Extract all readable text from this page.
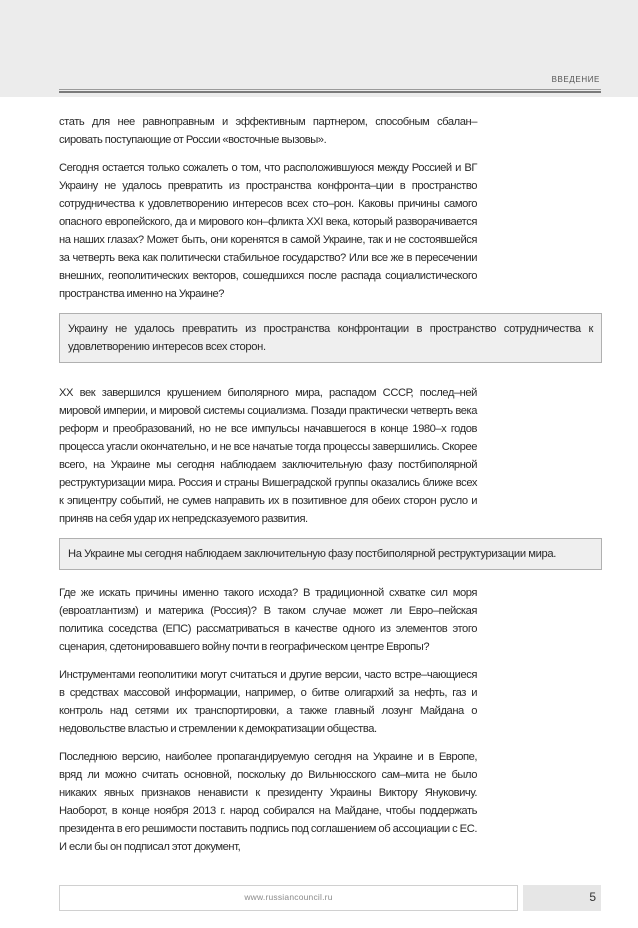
ВВЕДЕНИЕ

стать для нее равноправным и эффективным партнером, способным сбалан–сировать поступающие от России «восточные вызовы».

Сегодня остается только сожалеть о том, что расположившуюся между Россией и ВГ Украину не удалось превратить из пространства конфронта–ции в пространство сотрудничества к удовлетворению интересов всех сто–рон. Каковы причины самого опасного европейского, да и мирового кон–фликта XXI века, который разворачивается на наших глазах? Может быть, они коренятся в самой Украине, так и не состоявшейся за четверть века как политически стабильное государство? Или все же в пересечении внешних, геополитических векторов, сошедшихся после распада социалистического пространства именно на Украине?

Украину не удалось превратить из пространства конфронтации в пространство сотрудничества к удовлетворению интересов всех сторон.

XX век завершился крушением биполярного мира, распадом СССР, послед–ней мировой империи, и мировой системы социализма. Позади практически четверть века реформ и преобразований, но не все импульсы начавшегося в конце 1980–х годов процесса угасли окончательно, и не все начатые тогда процессы завершились. Скорее всего, на Украине мы сегодня наблюдаем заключительную фазу постбиполярной реструктуризации мира. Россия и страны Вишеградской группы оказались ближе всех к эпицентру событий, не сумев направить их в позитивное для обеих сторон русло и приняв на себя удар их непредсказуемого развития.

На Украине мы сегодня наблюдаем заключительную фазу постбиполярной реструктуризации мира.

Где же искать причины именно такого исхода? В традиционной схватке сил моря (евроатлантизм) и материка (Россия)? В таком случае может ли Евро–пейская политика соседства (ЕПС) рассматриваться в качестве одного из элементов этого сценария, сдетонировавшего войну почти в географическом центре Европы?

Инструментами геополитики могут считаться и другие версии, часто встре–чающиеся в средствах массовой информации, например, о битве олигархий за нефть, газ и контроль над сетями их транспортировки, а также главный лозунг Майдана о недовольстве властью и стремлении к демократизации общества.

Последнюю версию, наиболее пропагандируемую сегодня на Украине и в Европе, вряд ли можно считать основной, поскольку до Вильнюсского сам–мита не было никаких явных признаков ненависти к президенту Украины Виктору Януковичу. Наоборот, в конце ноября 2013 г. народ собирался на Майдане, чтобы поддержать президента в его решимости поставить подпись под соглашением об ассоциации с ЕС. И если бы он подписал этот документ,

www.russiancouncil.ru	5
